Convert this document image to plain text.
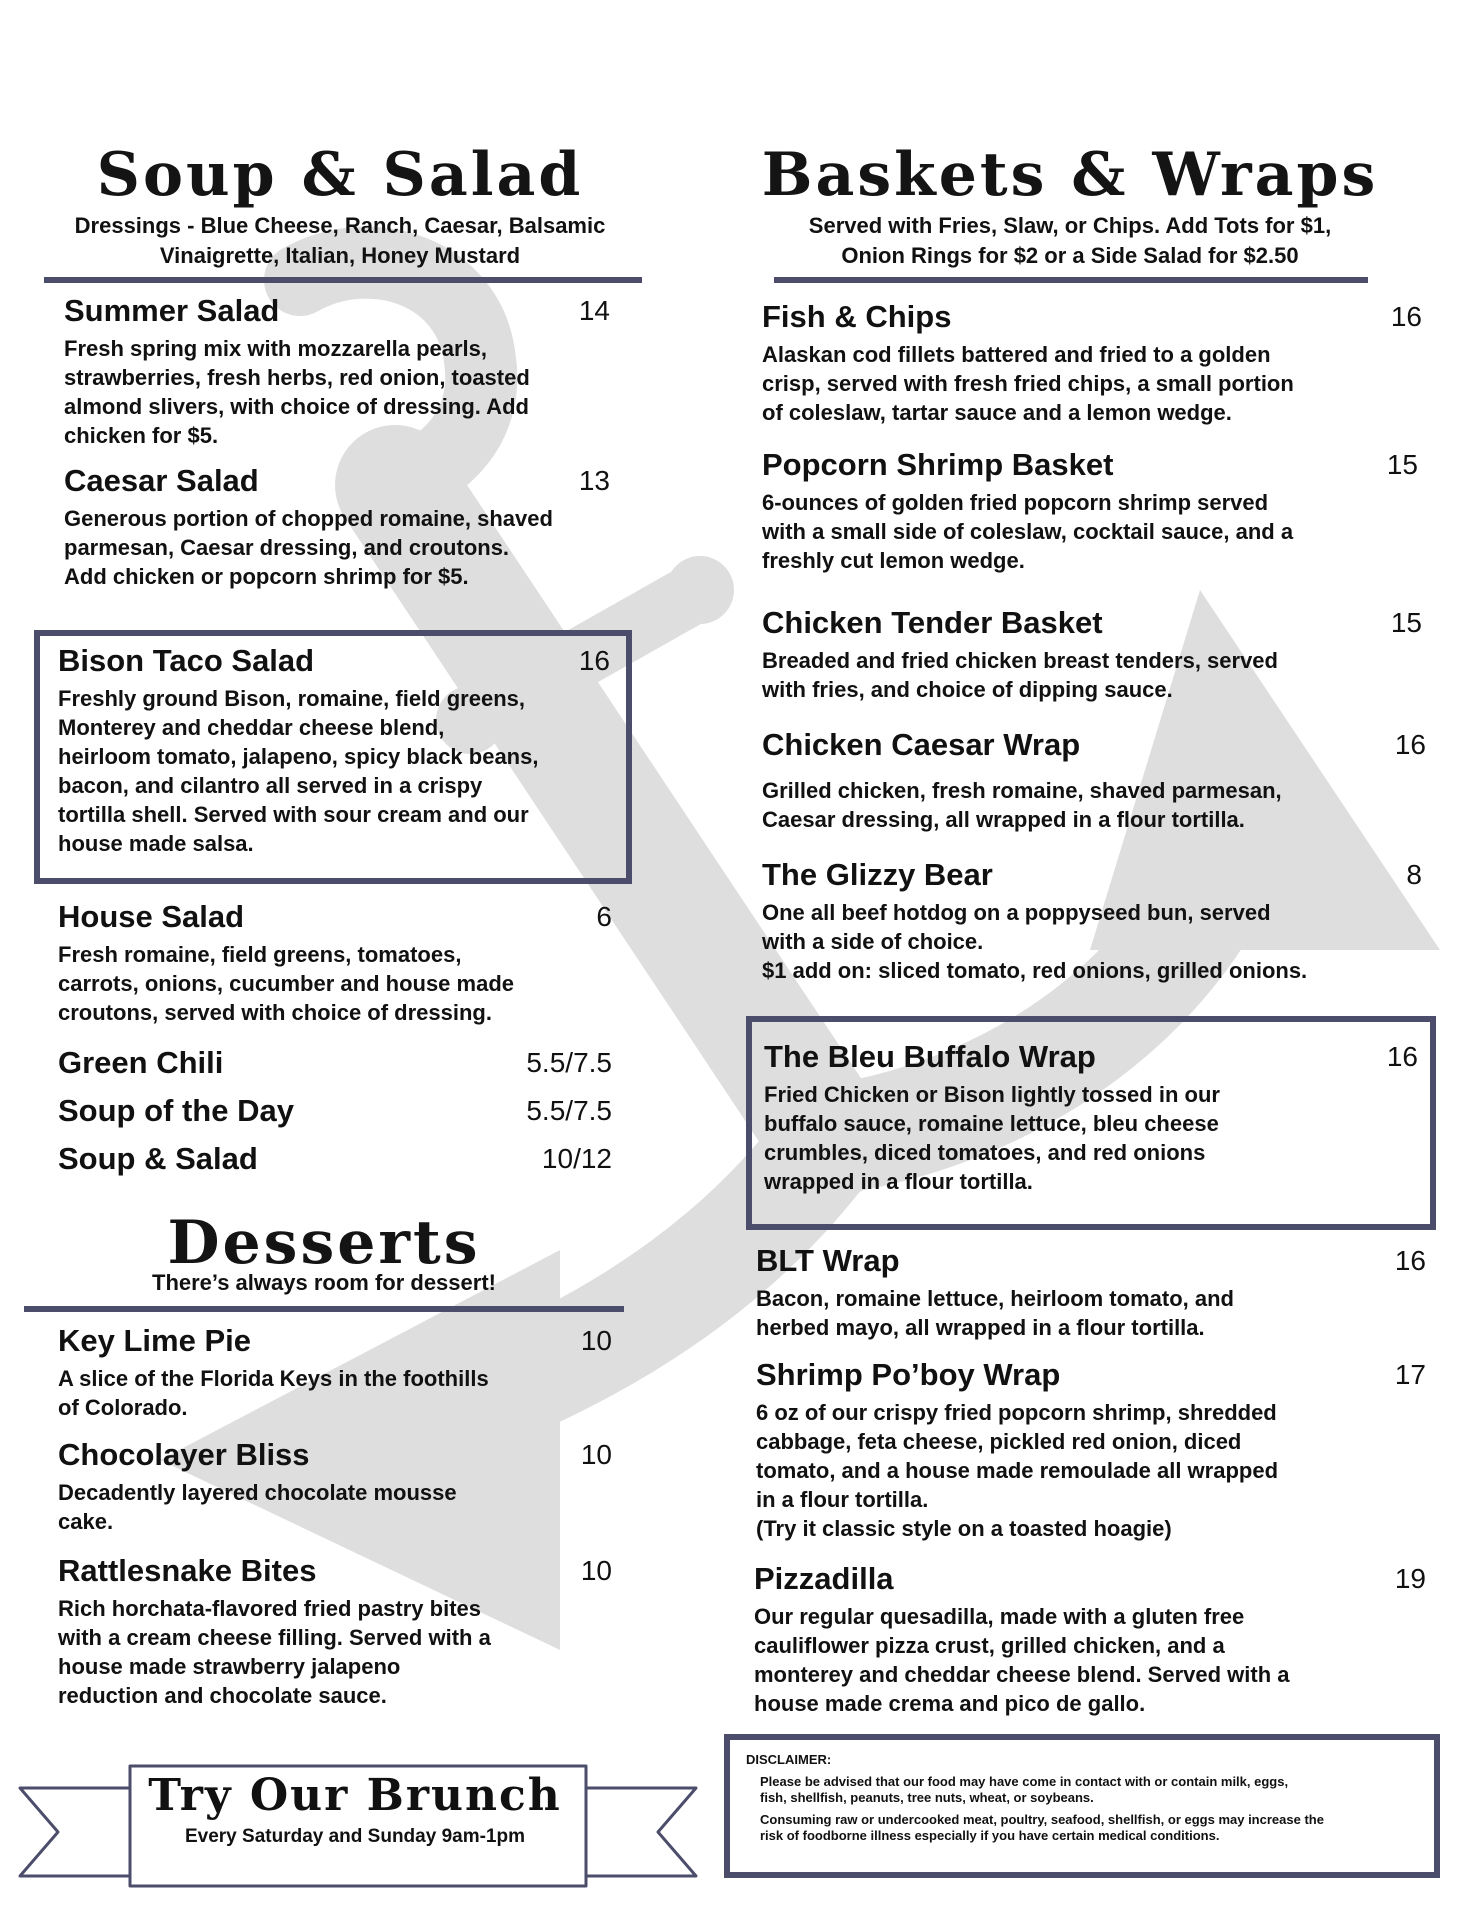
Soup & Salad
Dressings - Blue Cheese, Ranch, Caesar, Balsamic
Vinaigrette, Italian, Honey Mustard
Summer Salad	14
Fresh spring mix with mozzarella pearls,
strawberries, fresh herbs, red onion, toasted
almond slivers, with choice of dressing. Add
chicken for $5.
Caesar Salad	13
Generous portion of chopped romaine, shaved
parmesan, Caesar dressing, and croutons.
Add chicken or popcorn shrimp for $5.
Bison Taco Salad	16
Freshly ground Bison, romaine, field greens,
Monterey and cheddar cheese blend,
heirloom tomato, jalapeno, spicy black beans,
bacon, and cilantro all served in a crispy
tortilla shell. Served with sour cream and our
house made salsa.
House Salad	6
Fresh romaine, field greens, tomatoes,
carrots, onions, cucumber and house made
croutons, served with choice of dressing.
Green Chili	5.5/7.5
Soup of the Day	5.5/7.5
Soup & Salad	10/12
Desserts
There’s always room for dessert!
Key Lime Pie	10
A slice of the Florida Keys in the foothills
of Colorado.
Chocolayer Bliss	10
Decadently layered chocolate mousse
cake.
Rattlesnake Bites	10
Rich horchata-flavored fried pastry bites
with a cream cheese filling. Served with a
house made strawberry jalapeno
reduction and chocolate sauce.
Try Our Brunch
Every Saturday and Sunday 9am-1pm
Baskets & Wraps
Served with Fries, Slaw, or Chips. Add Tots for $1,
Onion Rings for $2 or a Side Salad for $2.50
Fish & Chips	16
Alaskan cod fillets battered and fried to a golden
crisp, served with fresh fried chips, a small portion
of coleslaw, tartar sauce and a lemon wedge.
Popcorn Shrimp Basket	15
6-ounces of golden fried popcorn shrimp served
with a small side of coleslaw, cocktail sauce, and a
freshly cut lemon wedge.
Chicken Tender Basket	15
Breaded and fried chicken breast tenders, served
with fries, and choice of dipping sauce.
Chicken Caesar Wrap	16
Grilled chicken, fresh romaine, shaved parmesan,
Caesar dressing, all wrapped in a flour tortilla.
The Glizzy Bear	8
One all beef hotdog on a poppyseed bun, served
with a side of choice.
$1 add on: sliced tomato, red onions, grilled onions.
The Bleu Buffalo Wrap	16
Fried Chicken or Bison lightly tossed in our
buffalo sauce, romaine lettuce, bleu cheese
crumbles, diced tomatoes, and red onions
wrapped in a flour tortilla.
BLT Wrap	16
Bacon, romaine lettuce, heirloom tomato, and
herbed mayo, all wrapped in a flour tortilla.
Shrimp Po’boy Wrap	17
6 oz of our crispy fried popcorn shrimp, shredded
cabbage, feta cheese, pickled red onion, diced
tomato, and a house made remoulade all wrapped
in a flour tortilla.
(Try it classic style on a toasted hoagie)
Pizzadilla	19
Our regular quesadilla, made with a gluten free
cauliflower pizza crust, grilled chicken, and a
monterey and cheddar cheese blend. Served with a
house made crema and pico de gallo.
DISCLAIMER:
Please be advised that our food may have come in contact with or contain milk, eggs,
fish, shellfish, peanuts, tree nuts, wheat, or soybeans.
Consuming raw or undercooked meat, poultry, seafood, shellfish, or eggs may increase the
risk of foodborne illness especially if you have certain medical conditions.
